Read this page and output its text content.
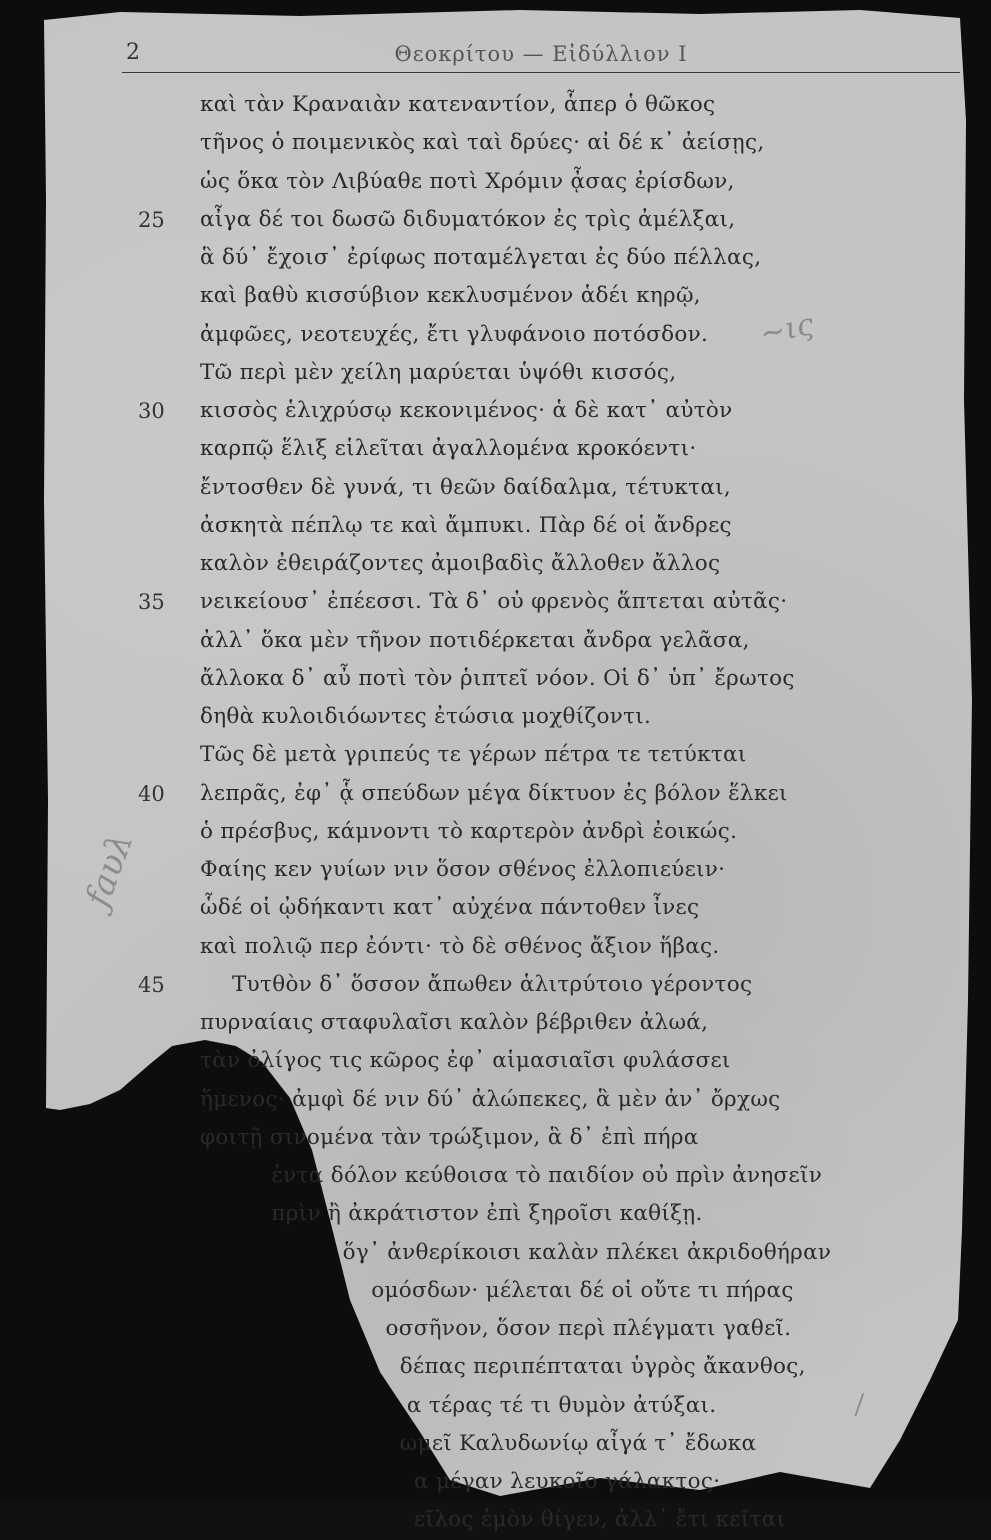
2	Θεοκρίτου — Εἰδύλλιον Ι
καὶ τὰν Κραναιὰν κατεναντίον, ἇπερ ὁ θῶκος
τῆνος ὁ ποιμενικὸς καὶ ταὶ δρύες· αἰ δέ κ᾽ ἀείσῃς,
ὡς ὅκα τὸν Λιβύαθε ποτὶ Χρόμιν ᾆσας ἐρίσδων,
25	αἶγα δέ τοι δωσῶ διδυματόκον ἐς τρὶς ἀμέλξαι,
ἃ δύ᾽ ἔχοισ᾽ ἐρίφως ποταμέλγεται ἐς δύο πέλλας,
καὶ βαθὺ κισσύβιον κεκλυσμένον ἁδέι κηρῷ,
ἀμφῶες, νεοτευχές, ἔτι γλυφάνοιο ποτόσδον.
Τῶ περὶ μὲν χείλη μαρύεται ὑψόθι κισσός,
30	κισσὸς ἑλιχρύσῳ κεκονιμένος· ἁ δὲ κατ᾽ αὐτὸν
καρπῷ ἕλιξ εἱλεῖται ἀγαλλομένα κροκόεντι·
ἔντοσθεν δὲ γυνά, τι θεῶν δαίδαλμα, τέτυκται,
ἀσκητὰ πέπλῳ τε καὶ ἄμπυκι. Πὰρ δέ οἱ ἄνδρες
καλὸν ἐθειράζοντες ἀμοιβαδὶς ἄλλοθεν ἄλλος
35	νεικείουσ᾽ ἐπέεσσι. Τὰ δ᾽ οὐ φρενὸς ἅπτεται αὐτᾶς·
ἀλλ᾽ ὅκα μὲν τῆνον ποτιδέρκεται ἄνδρα γελᾶσα,
ἄλλοκα δ᾽ αὖ ποτὶ τὸν ῥιπτεῖ νόον. Οἱ δ᾽ ὑπ᾽ ἔρωτος
δηθὰ κυλοιδιόωντες ἐτώσια μοχθίζοντι.
Τῶς δὲ μετὰ γριπεύς τε γέρων πέτρα τε τετύκται
40	λεπρᾶς, ἐφ᾽ ᾇ σπεύδων μέγα δίκτυον ἐς βόλον ἕλκει
ὁ πρέσβυς, κάμνοντι τὸ καρτερὸν ἀνδρὶ ἐοικώς.
Φαίης κεν γυίων νιν ὅσον σθένος ἐλλοπιεύειν·
ὧδέ οἱ ᾠδήκαντι κατ᾽ αὐχένα πάντοθεν ἶνες
καὶ πολιῷ περ ἐόντι· τὸ δὲ σθένος ἄξιον ἥβας.
45	Τυτθὸν δ᾽ ὅσσον ἄπωθεν ἁλιτρύτοιο γέροντος
πυρναίαις σταφυλαῖσι καλὸν βέβριθεν ἀλωά,
τὰν ὀλίγος τις κῶρος ἐφ᾽ αἱμασιαῖσι φυλάσσει
ἥμενος· ἀμφὶ δέ νιν δύ᾽ ἀλώπεκες, ἃ μὲν ἀν᾽ ὄρχως
φοιτῇ σινομένα τὰν τρώξιμον, ἃ δ᾽ ἐπὶ πήρα
ἐντα δόλον κεύθοισα τὸ παιδίον οὐ πρὶν ἀνησεῖν
πρὶν ἢ ἀκράτιστον ἐπὶ ξηροῖσι καθίξῃ.
ὅγ᾽ ἀνθερίκοισι καλὰν πλέκει ἀκριδοθήραν
ομόσδων· μέλεται δέ οἱ οὔτε τι πήρας
οσσῆνον, ὅσον περὶ πλέγματι γαθεῖ.
δέπας περιπέπταται ὑγρὸς ἄκανθος,
α τέρας τέ τι θυμὸν ἀτύξαι.
ωμεῖ Καλυδωνίῳ αἶγά τ᾽ ἔδωκα
α μέγαν λευκοῖο γάλακτος·
εῖλος ἐμὸν θίγεν, ἀλλ᾽ ἔτι κεῖται
~ις
ƒaυλ
/
